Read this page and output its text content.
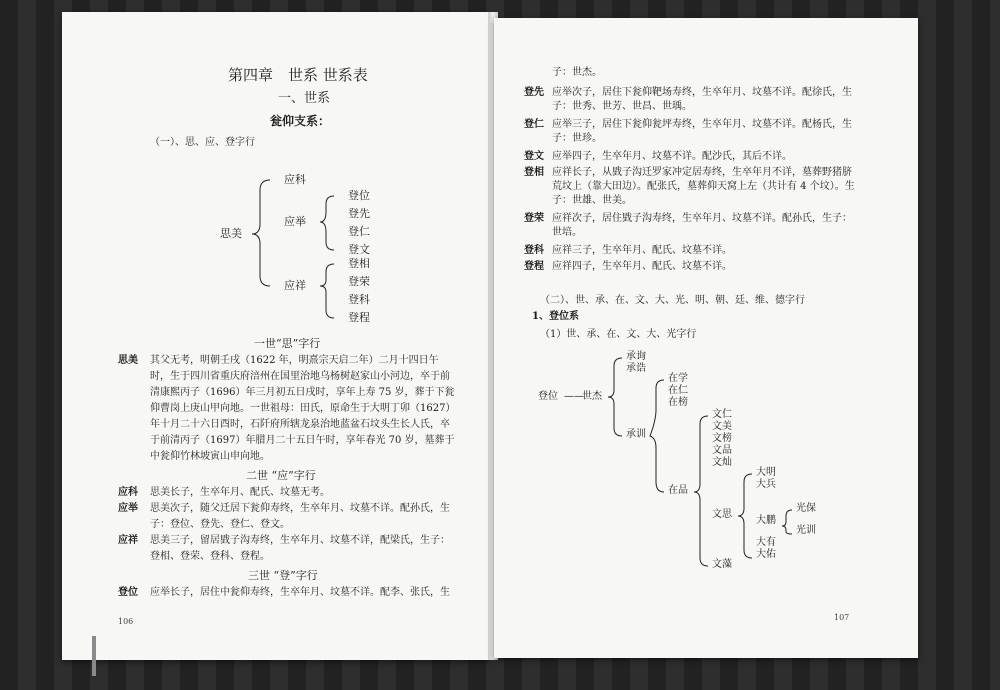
第四章　世系 世系表
一、世系
瓮仰支系：
（一）、思、应、登字行
思美
应科
应举
应祥
登位
登先
登仁
登文
登相
登荣
登科
登程
一世“思”字行
思美 其父无考，明朝壬戌（1622 年，明熹宗天启二年）二月十四日午
时，生于四川省重庆府涪州在国里治地乌杨树赵家山小河边，卒于前
清康熙丙子（1696）年三月初五日戌时，享年上寿 75 岁，葬于下瓮
仰曹岗上庚山甲向地。一世祖母：田氏，原命生于大明丁卯（1627）
年十月二十六日酉时，石阡府所辖龙泉治地蓝盆石坟头生长人氏，卒
于前清丙子（1697）年腊月二十五日午时，享年春光 70 岁，墓葬于
中瓮仰竹林坡寅山申向地。
二世 “应”字行
应科 思美长子，生卒年月、配氏、坟墓无考。
应举 思美次子，随父迁居下瓮仰寿终，生卒年月、坟墓不详。配孙氏，生
子：登位、登先、登仁、登文。
应祥 思美三子，留居戥子沟寿终，生卒年月、坟墓不详，配梁氏，生子：
登相、登荣、登科、登程。
三世 “登”字行
登位 应举长子，居住中瓮仰寿终，生卒年月、坟墓不详。配李、张氏，生
106
子：世杰。
登先 应举次子，居住下瓮仰靶场寿终，生卒年月、坟墓不详。配徐氏，生
子：世秀、世芳、世昌、世瑀。
登仁 应举三子，居住下瓮仰瓮坪寿终，生卒年月、坟墓不详。配杨氏，生
子：世珍。
登文 应举四子，生卒年月、坟墓不详。配沙氏，其后不详。
登相 应祥长子，从戥子沟迁罗家冲定居寿终，生卒年月不详，墓葬野猪脐
荒坟上（靠大田边）。配张氏，墓葬仰天窝上左（共计有 4 个坟）。生
子：世雄、世美。
登荣 应祥次子，居住戥子沟寿终，生卒年月、坟墓不详。配孙氏，生子：
世培。
登科 应祥三子，生卒年月、配氏、坟墓不详。
登程 应祥四子，生卒年月、配氏、坟墓不详。
（二）、世、承、在、文、大、光、明、朝、廷、维、德字行
1、登位系
（1）世、承、在、文、大、光字行
登位 ——
世杰
承询
承诰
承训
在学
在仁
在榜
在品
文仁
文美
文榜
文品
文灿
文思
文藻
大明
大兵
大鹏
大有
大佑
光保
光训
107
